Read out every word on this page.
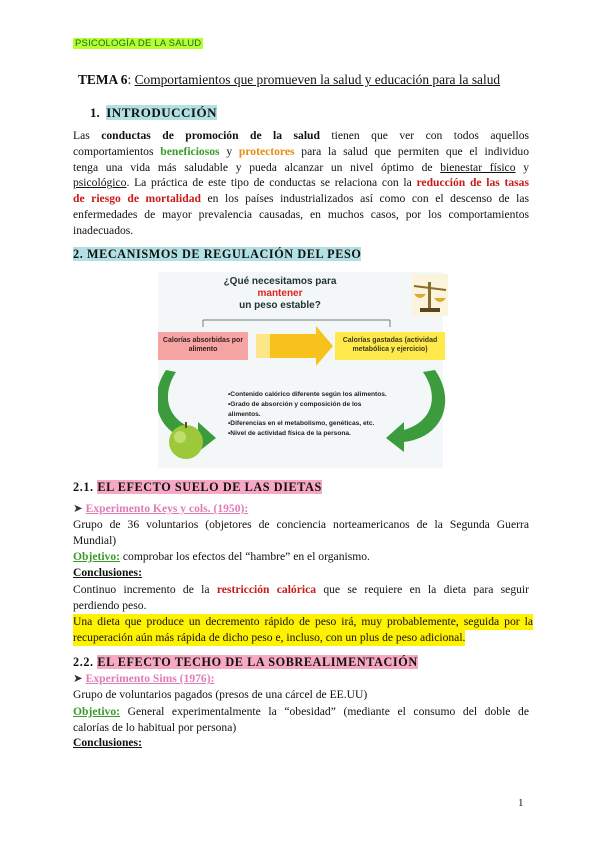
PSICOLOGÍA DE LA SALUD
TEMA 6: Comportamientos que promueven la salud y educación para la salud
1. INTRODUCCIÓN
Las conductas de promoción de la salud tienen que ver con todos aquellos
comportamientos beneficiosos y protectores para la salud que permiten que el individuo
tenga una vida más saludable y pueda alcanzar un nivel óptimo de bienestar físico y
psicológico. La práctica de este tipo de conductas se relaciona con la reducción de las tasas
de riesgo de mortalidad en los países industrializados así como con el descenso de las
enfermedades de mayor prevalencia causadas, en muchos casos, por los comportamientos
inadecuados.
2. MECANISMOS DE REGULACIÓN DEL PESO
¿Qué necesitamos para mantener
un peso estable?
Calorías absorbidas por alimento
Calorías gastadas (actividad metabólica y ejercicio)
•Contenido calórico diferente según los alimentos.
•Grado de absorción y composición de los alimentos.
•Diferencias en el metabolismo, genéticas, etc.
•Nivel de actividad física de la persona.
2.1. EL EFECTO SUELO DE LAS DIETAS
➤ Experimento Keys y cols. (1950):
Grupo de 36 voluntarios (objetores de conciencia norteamericanos de la Segunda Guerra
Mundial)
Objetivo: comprobar los efectos del “hambre” en el organismo.
Conclusiones:
Continuo incremento de la restricción calórica que se requiere en la dieta para seguir
perdiendo peso.
Una dieta que produce un decremento rápido de peso irá, muy probablemente, seguida por la
recuperación aún más rápida de dicho peso e, incluso, con un plus de peso adicional.
2.2. EL EFECTO TECHO DE LA SOBREALIMENTACIÓN
➤ Experimento Sims (1976):
Grupo de voluntarios pagados (presos de una cárcel de EE.UU)
Objetivo: General experimentalmente la “obesidad” (mediante el consumo del doble de
calorías de lo habitual por persona)
Conclusiones:
1
